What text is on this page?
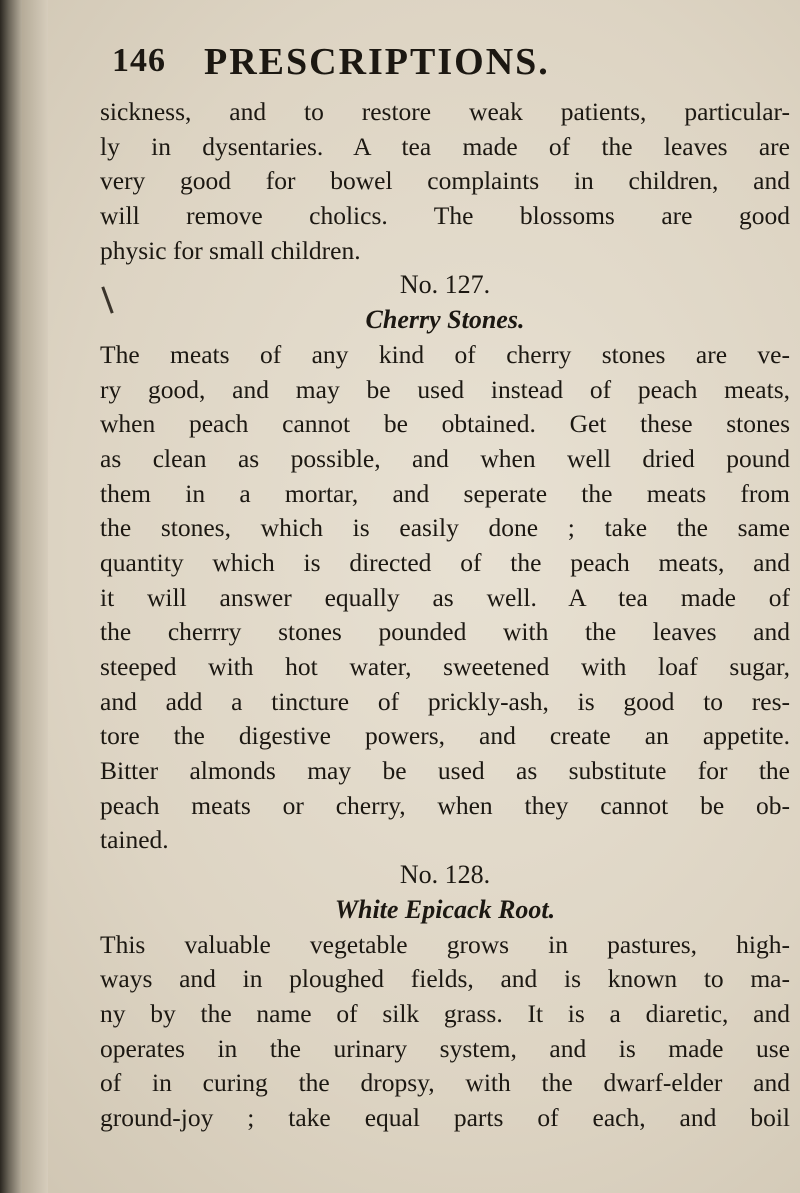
146 PRESCRIPTIONS.
sickness, and to restore weak patients, particular-
ly in dysentaries. A tea made of the leaves are
very good for bowel complaints in children, and
will remove cholics. The blossoms are good
physic for small children.
No. 127.
Cherry Stones.
The meats of any kind of cherry stones are ve-
ry good, and may be used instead of peach meats,
when peach cannot be obtained. Get these stones
as clean as possible, and when well dried pound
them in a mortar, and seperate the meats from
the stones, which is easily done ; take the same
quantity which is directed of the peach meats, and
it will answer equally as well. A tea made of
the cherrry stones pounded with the leaves and
steeped with hot water, sweetened with loaf sugar,
and add a tincture of prickly-ash, is good to res-
tore the digestive powers, and create an appetite.
Bitter almonds may be used as substitute for the
peach meats or cherry, when they cannot be ob-
tained.
No. 128.
White Epicack Root.
This valuable vegetable grows in pastures, high-
ways and in ploughed fields, and is known to ma-
ny by the name of silk grass. It is a diaretic, and
operates in the urinary system, and is made use
of in curing the dropsy, with the dwarf-elder and
ground-joy ; take equal parts of each, and boil
